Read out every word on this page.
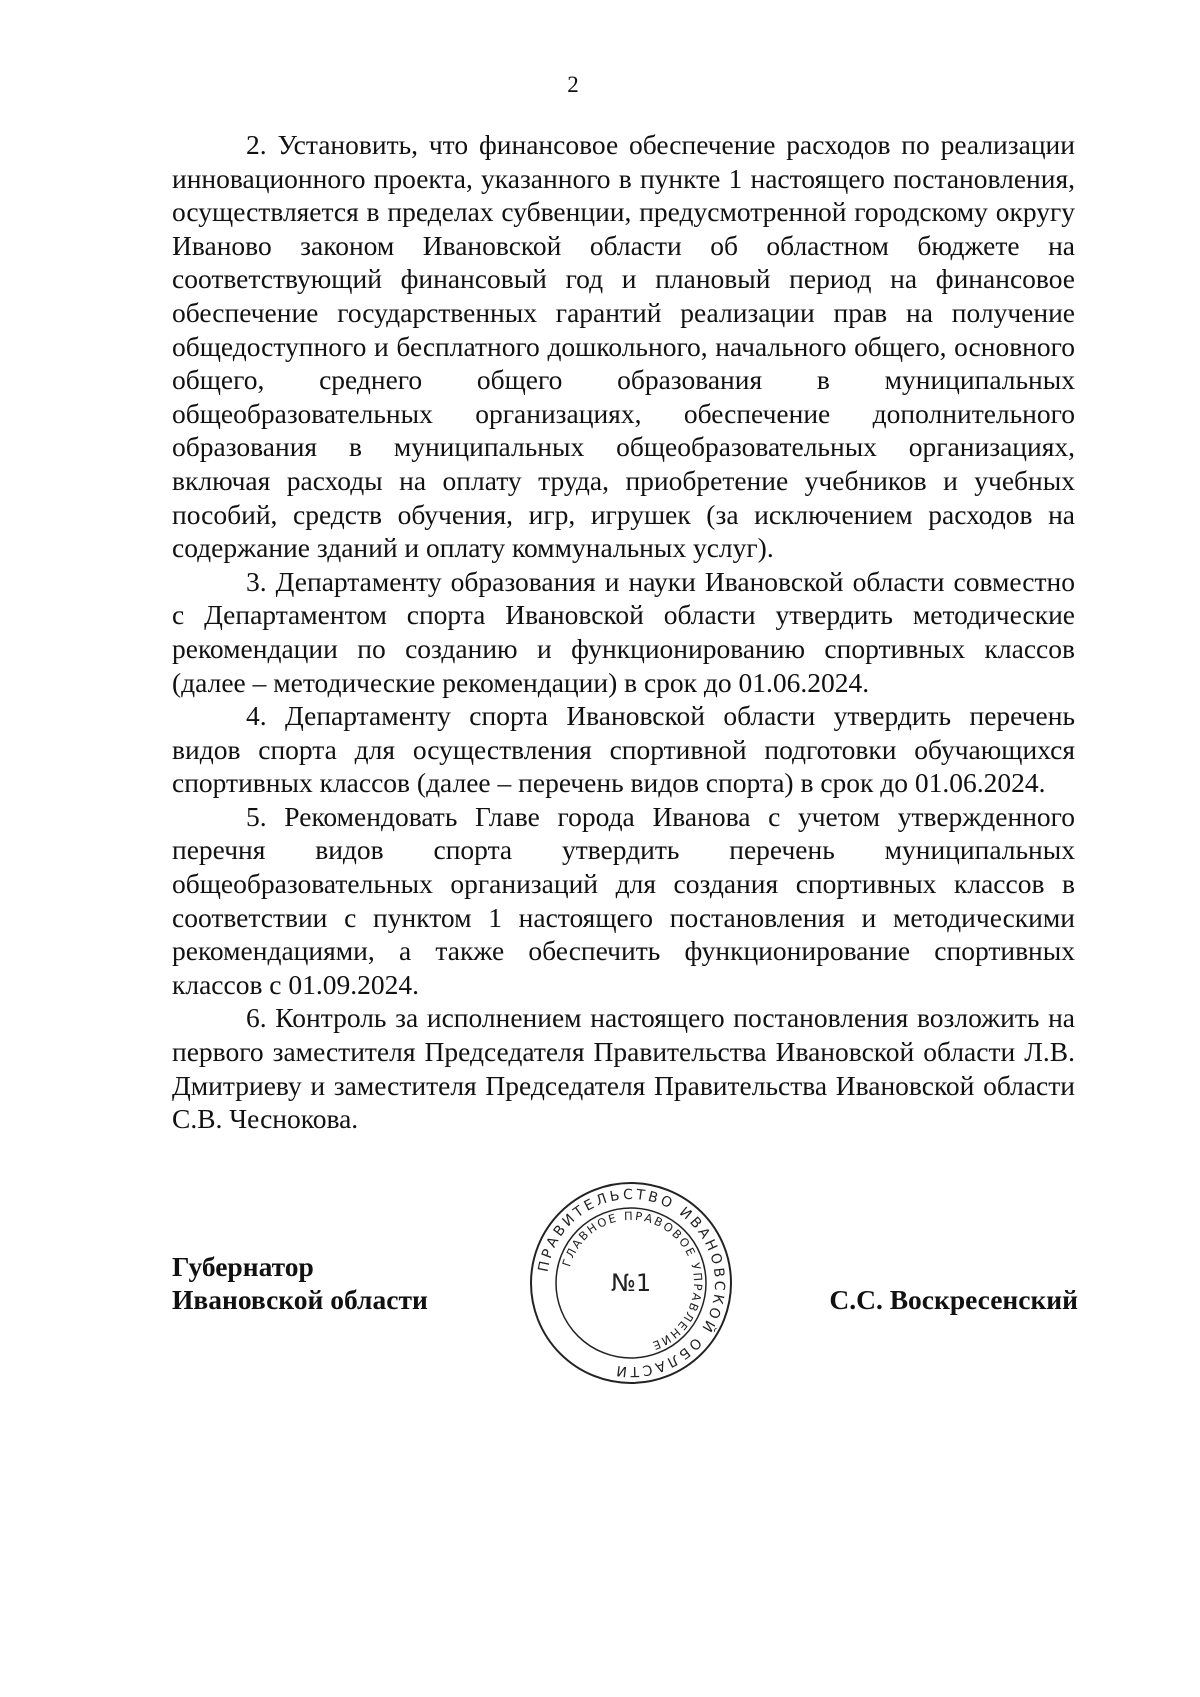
2

2. Установить, что финансовое обеспечение расходов по реализации инновационного проекта, указанного в пункте 1 настоящего постановления, осуществляется в пределах субвенции, предусмотренной городскому округу Иваново законом Ивановской области об областном бюджете на соответствующий финансовый год и плановый период на финансовое обеспечение государственных гарантий реализации прав на получение общедоступного и бесплатного дошкольного, начального общего, основного общего, среднего общего образования в муниципальных общеобразовательных организациях, обеспечение дополнительного образования в муниципальных общеобразовательных организациях, включая расходы на оплату труда, приобретение учебников и учебных пособий, средств обучения, игр, игрушек (за исключением расходов на содержание зданий и оплату коммунальных услуг).

3. Департаменту образования и науки Ивановской области совместно с Департаментом спорта Ивановской области утвердить методические рекомендации по созданию и функционированию спортивных классов (далее – методические рекомендации) в срок до 01.06.2024.

4. Департаменту спорта Ивановской области утвердить перечень видов спорта для осуществления спортивной подготовки обучающихся спортивных классов (далее – перечень видов спорта) в срок до 01.06.2024.

5. Рекомендовать Главе города Иванова с учетом утвержденного перечня видов спорта утвердить перечень муниципальных общеобразовательных организаций для создания спортивных классов в соответствии с пунктом 1 настоящего постановления и методическими рекомендациями, а также обеспечить функционирование спортивных классов с 01.09.2024.

6. Контроль за исполнением настоящего постановления возложить на первого заместителя Председателя Правительства Ивановской области Л.В. Дмитриеву и заместителя Председателя Правительства Ивановской области С.В. Чеснокова.

Губернатор
Ивановской области	С.С. Воскресенский
ПРАВИТЕЛЬСТВО ИВАНОВСКОЙ ОБЛАСТИ
ГЛАВНОЕ ПРАВОВОЕ УПРАВЛЕНИЕ
№1
